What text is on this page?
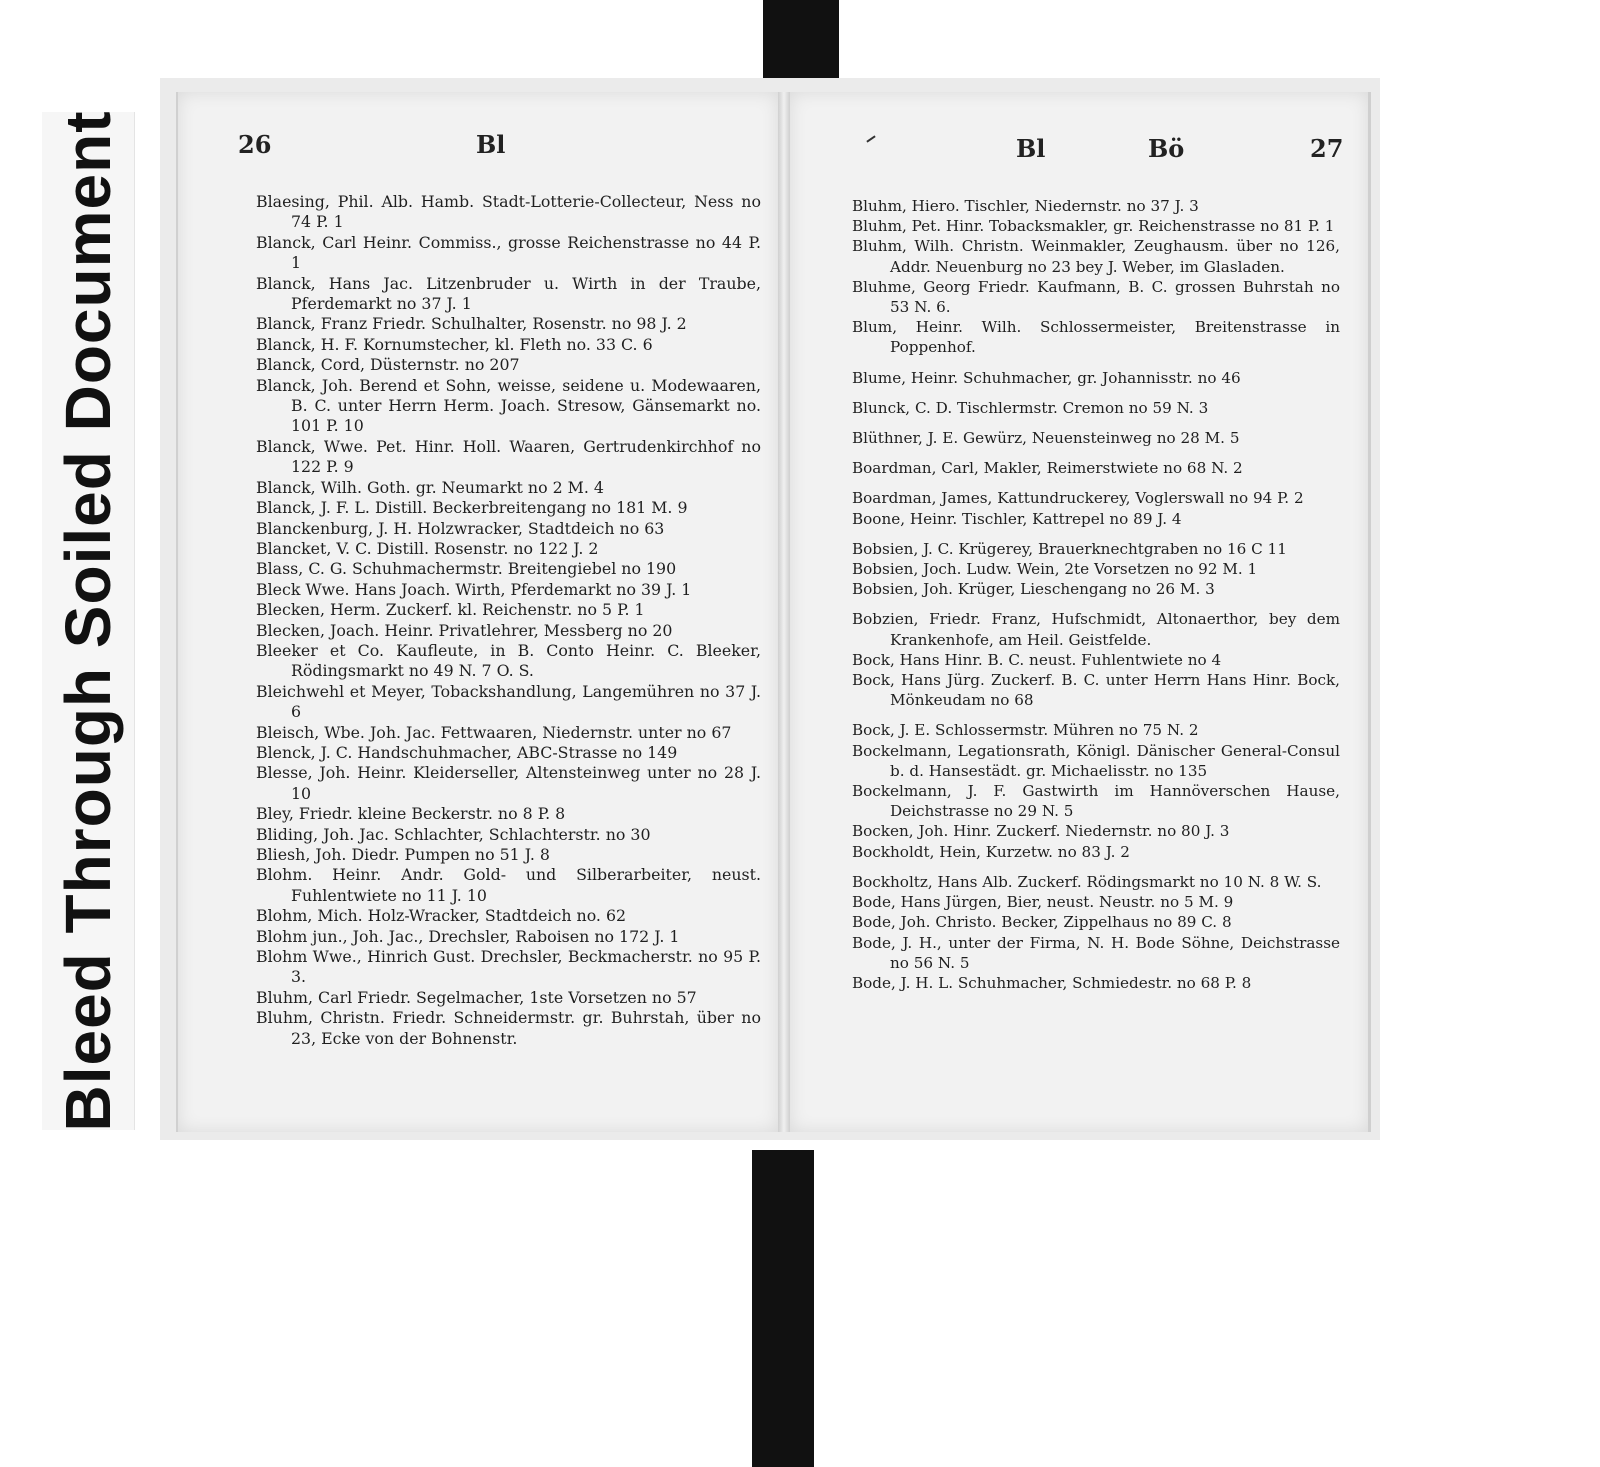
Bleed Through Soiled Document	26	Bl
Blaesing, Phil. Alb. Hamb. Stadt-Lotterie-Collecteur, Ness no 74 P. 1
Blanck, Carl Heinr. Commiss., grosse Reichenstrasse no 44 P. 1
Blanck, Hans Jac. Litzenbruder u. Wirth in der Traube, Pferdemarkt no 37 J. 1
Blanck, Franz Friedr. Schulhalter, Rosenstr. no 98 J. 2
Blanck, H. F. Kornumstecher, kl. Fleth no. 33 C. 6
Blanck, Cord, Düsternstr. no 207
Blanck, Joh. Berend et Sohn, weisse, seidene u. Modewaaren, B. C. unter Herrn Herm. Joach. Stresow, Gänsemarkt no. 101 P. 10
Blanck, Wwe. Pet. Hinr. Holl. Waaren, Gertrudenkirchhof no 122 P. 9
Blanck, Wilh. Goth. gr. Neumarkt no 2 M. 4
Blanck, J. F. L. Distill. Beckerbreitengang no 181 M. 9
Blanckenburg, J. H. Holzwracker, Stadtdeich no 63
Blancket, V. C. Distill. Rosenstr. no 122 J. 2
Blass, C. G. Schuhmachermstr. Breitengiebel no 190
Bleck Wwe. Hans Joach. Wirth, Pferdemarkt no 39 J. 1
Blecken, Herm. Zuckerf. kl. Reichenstr. no 5 P. 1
Blecken, Joach. Heinr. Privatlehrer, Messberg no 20
Bleeker et Co. Kaufleute, in B. Conto Heinr. C. Bleeker, Rödingsmarkt no 49 N. 7 O. S.
Bleichwehl et Meyer, Tobackshandlung, Langemühren no 37 J. 6
Bleisch, Wbe. Joh. Jac. Fettwaaren, Niedernstr. unter no 67
Blenck, J. C. Handschuhmacher, ABC-Strasse no 149
Blesse, Joh. Heinr. Kleiderseller, Altensteinweg unter no 28 J. 10
Bley, Friedr. kleine Beckerstr. no 8 P. 8
Bliding, Joh. Jac. Schlachter, Schlachterstr. no 30
Bliesh, Joh. Diedr. Pumpen no 51 J. 8
Blohm. Heinr. Andr. Gold- und Silberarbeiter, neust. Fuhlentwiete no 11 J. 10
Blohm, Mich. Holz-Wracker, Stadtdeich no. 62
Blohm jun., Joh. Jac., Drechsler, Raboisen no 172 J. 1
Blohm Wwe., Hinrich Gust. Drechsler, Beckmacherstr. no 95 P. 3.
Bluhm, Carl Friedr. Segelmacher, 1ste Vorsetzen no 57
Bluhm, Christn. Friedr. Schneidermstr. gr. Buhrstah, über no 23, Ecke von der Bohnenstr.
Bl	Bö	27
Bluhm, Hiero. Tischler, Niedernstr. no 37 J. 3
Bluhm, Pet. Hinr. Tobacksmakler, gr. Reichenstrasse no 81 P. 1
Bluhm, Wilh. Christn. Weinmakler, Zeughausm. über no 126, Addr. Neuenburg no 23 bey J. Weber, im Glasladen.
Bluhme, Georg Friedr. Kaufmann, B. C. grossen Buhrstah no 53 N. 6.
Blum, Heinr. Wilh. Schlossermeister, Breitenstrasse in Poppenhof.
Blume, Heinr. Schuhmacher, gr. Johannisstr. no 46
Blunck, C. D. Tischlermstr. Cremon no 59 N. 3
Blüthner, J. E. Gewürz, Neuensteinweg no 28 M. 5
Boardman, Carl, Makler, Reimerstwiete no 68 N. 2
Boardman, James, Kattundruckerey, Voglerswall no 94 P. 2
Boone, Heinr. Tischler, Kattrepel no 89 J. 4
Bobsien, J. C. Krügerey, Brauerknechtgraben no 16 C 11
Bobsien, Joch. Ludw. Wein, 2te Vorsetzen no 92 M. 1
Bobsien, Joh. Krüger, Lieschengang no 26 M. 3
Bobzien, Friedr. Franz, Hufschmidt, Altonaerthor, bey dem Krankenhofe, am Heil. Geistfelde.
Bock, Hans Hinr. B. C. neust. Fuhlentwiete no 4
Bock, Hans Jürg. Zuckerf. B. C. unter Herrn Hans Hinr. Bock, Mönkeudam no 68
Bock, J. E. Schlossermstr. Mühren no 75 N. 2
Bockelmann, Legationsrath, Königl. Dänischer General-Consul b. d. Hansestädt. gr. Michaelisstr. no 135
Bockelmann, J. F. Gastwirth im Hannöverschen Hause, Deichstrasse no 29 N. 5
Bocken, Joh. Hinr. Zuckerf. Niedernstr. no 80 J. 3
Bockholdt, Hein, Kurzetw. no 83 J. 2
Bockholtz, Hans Alb. Zuckerf. Rödingsmarkt no 10 N. 8 W. S.
Bode, Hans Jürgen, Bier, neust. Neustr. no 5 M. 9
Bode, Joh. Christo. Becker, Zippelhaus no 89 C. 8
Bode, J. H., unter der Firma, N. H. Bode Söhne, Deichstrasse no 56 N. 5
Bode, J. H. L. Schuhmacher, Schmiedestr. no 68 P. 8
